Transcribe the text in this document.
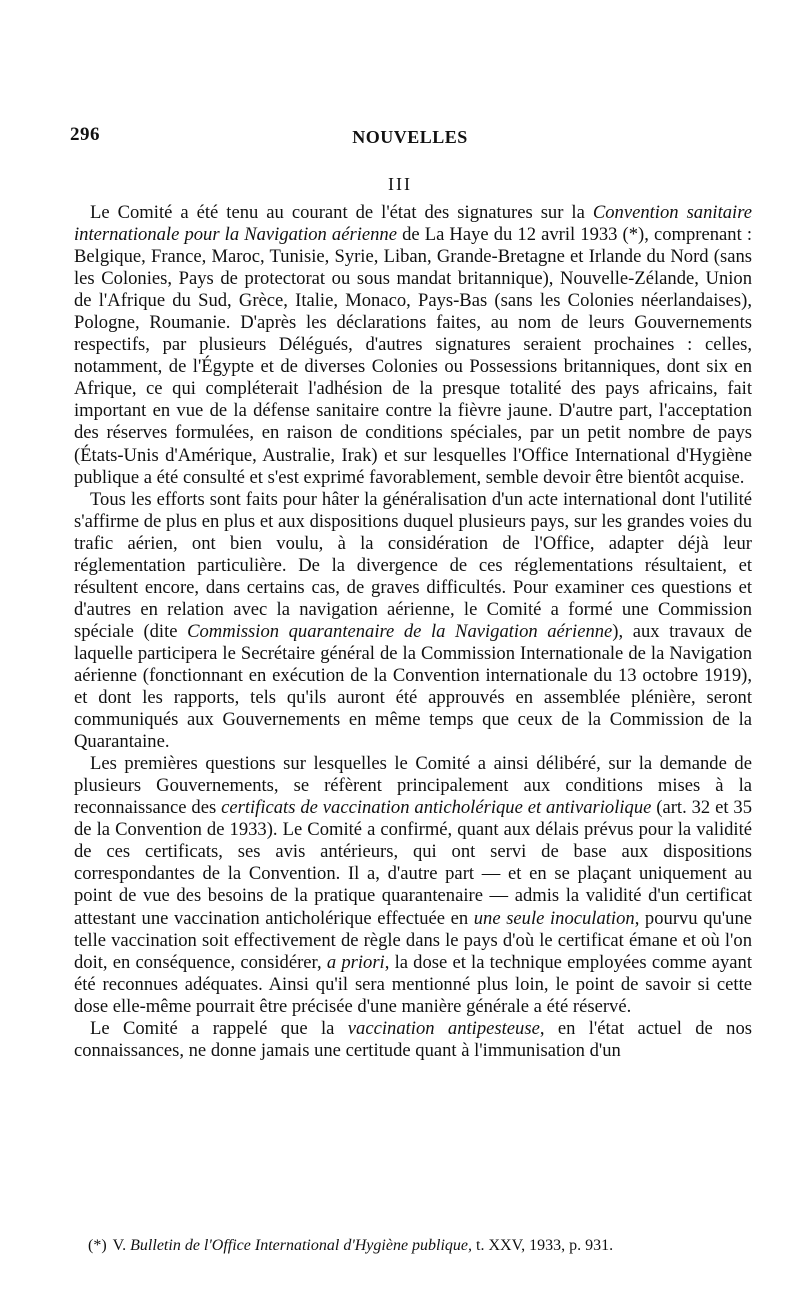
296	NOUVELLES
III

Le Comité a été tenu au courant de l'état des signatures sur la Convention sanitaire internationale pour la Navigation aérienne de La Haye du 12 avril 1933 (*), comprenant : Belgique, France, Maroc, Tunisie, Syrie, Liban, Grande-Bretagne et Irlande du Nord (sans les Colonies, Pays de protectorat ou sous mandat britannique), Nouvelle-Zélande, Union de l'Afrique du Sud, Grèce, Italie, Monaco, Pays-Bas (sans les Colonies néerlandaises), Pologne, Roumanie. D'après les déclarations faites, au nom de leurs Gouvernements respectifs, par plusieurs Délégués, d'autres signatures seraient prochaines : celles, notamment, de l'Égypte et de diverses Colonies ou Possessions britanniques, dont six en Afrique, ce qui compléterait l'adhésion de la presque totalité des pays africains, fait important en vue de la défense sanitaire contre la fièvre jaune. D'autre part, l'acceptation des réserves formulées, en raison de conditions spéciales, par un petit nombre de pays (États-Unis d'Amérique, Australie, Irak) et sur lesquelles l'Office International d'Hygiène publique a été consulté et s'est exprimé favorablement, semble devoir être bientôt acquise.

Tous les efforts sont faits pour hâter la généralisation d'un acte international dont l'utilité s'affirme de plus en plus et aux dispositions duquel plusieurs pays, sur les grandes voies du trafic aérien, ont bien voulu, à la considération de l'Office, adapter déjà leur réglementation particulière. De la divergence de ces réglementations résultaient, et résultent encore, dans certains cas, de graves difficultés. Pour examiner ces questions et d'autres en relation avec la navigation aérienne, le Comité a formé une Commission spéciale (dite Commission quarantenaire de la Navigation aérienne), aux travaux de laquelle participera le Secrétaire général de la Commission Internationale de la Navigation aérienne (fonctionnant en exécution de la Convention internationale du 13 octobre 1919), et dont les rapports, tels qu'ils auront été approuvés en assemblée plénière, seront communiqués aux Gouvernements en même temps que ceux de la Commission de la Quarantaine.

Les premières questions sur lesquelles le Comité a ainsi délibéré, sur la demande de plusieurs Gouvernements, se réfèrent principalement aux conditions mises à la reconnaissance des certificats de vaccination anticholérique et antivariolique (art. 32 et 35 de la Convention de 1933). Le Comité a confirmé, quant aux délais prévus pour la validité de ces certificats, ses avis antérieurs, qui ont servi de base aux dispositions correspondantes de la Convention. Il a, d'autre part — et en se plaçant uniquement au point de vue des besoins de la pratique quarantenaire — admis la validité d'un certificat attestant une vaccination anticholérique effectuée en une seule inoculation, pourvu qu'une telle vaccination soit effectivement de règle dans le pays d'où le certificat émane et où l'on doit, en conséquence, considérer, a priori, la dose et la technique employées comme ayant été reconnues adéquates. Ainsi qu'il sera mentionné plus loin, le point de savoir si cette dose elle-même pourrait être précisée d'une manière générale a été réservé.

Le Comité a rappelé que la vaccination antipesteuse, en l'état actuel de nos connaissances, ne donne jamais une certitude quant à l'immunisation d'un

(*) V. Bulletin de l'Office International d'Hygiène publique, t. XXV, 1933, p. 931.
